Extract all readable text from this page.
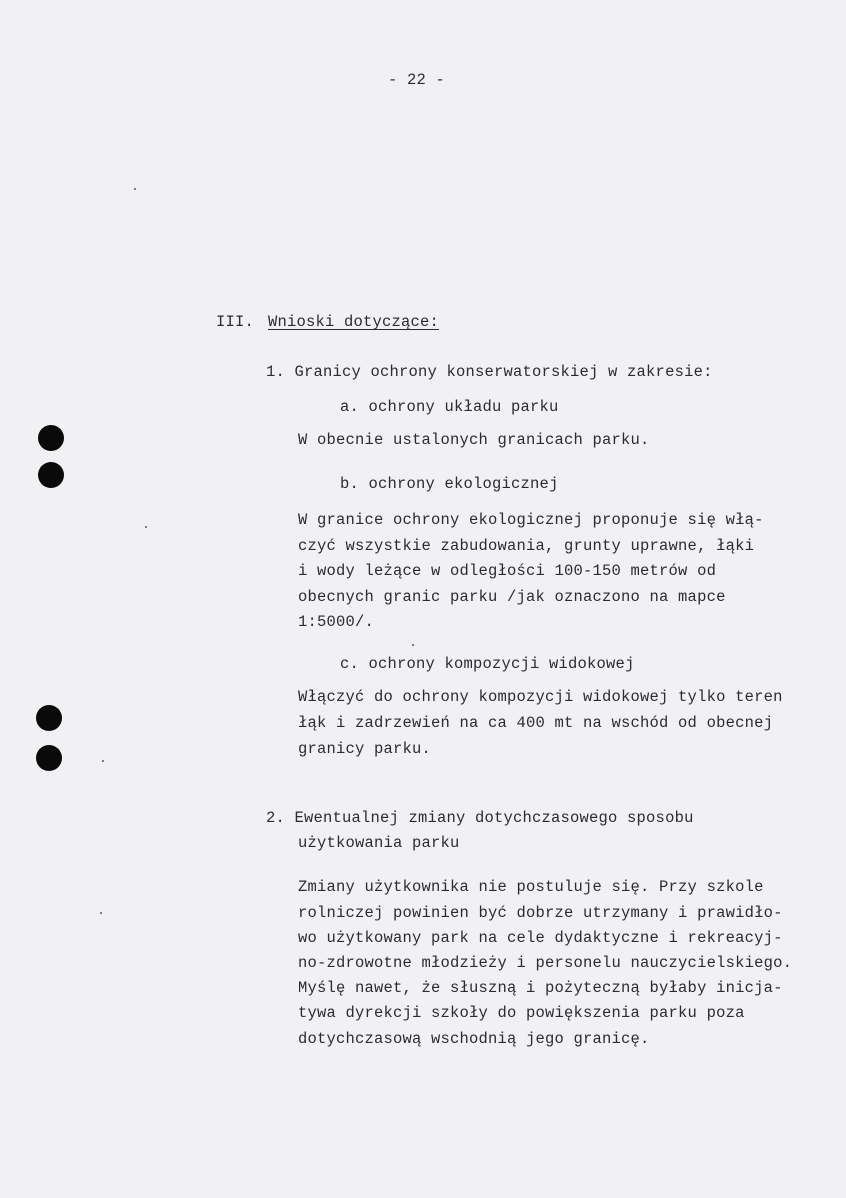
- 22 -
III. Wnioski dotyczące:
1. Granicy ochrony konserwatorskiej w zakresie:
a. ochrony układu parku
W obecnie ustalonych granicach parku.
b. ochrony ekologicznej
W granice ochrony ekologicznej proponuje się włą-
czyć wszystkie zabudowania, grunty uprawne, łąki
i wody leżące w odległości 100-150 metrów od
obecnych granic parku /jak oznaczono na mapce
1:5000/.
c. ochrony kompozycji widokowej
Włączyć do ochrony kompozycji widokowej tylko teren
łąk i zadrzewień na ca 400 mt na wschód od obecnej
granicy parku.
2. Ewentualnej zmiany dotychczasowego sposobu
użytkowania parku
Zmiany użytkownika nie postuluje się. Przy szkole
rolniczej powinien być dobrze utrzymany i prawidło-
wo użytkowany park na cele dydaktyczne i rekreacyj-
no-zdrowotne młodzieży i personelu nauczycielskiego.
Myślę nawet, że słuszną i pożyteczną byłaby inicja-
tywa dyrekcji szkoły do powiększenia parku poza
dotychczasową wschodnią jego granicę.
